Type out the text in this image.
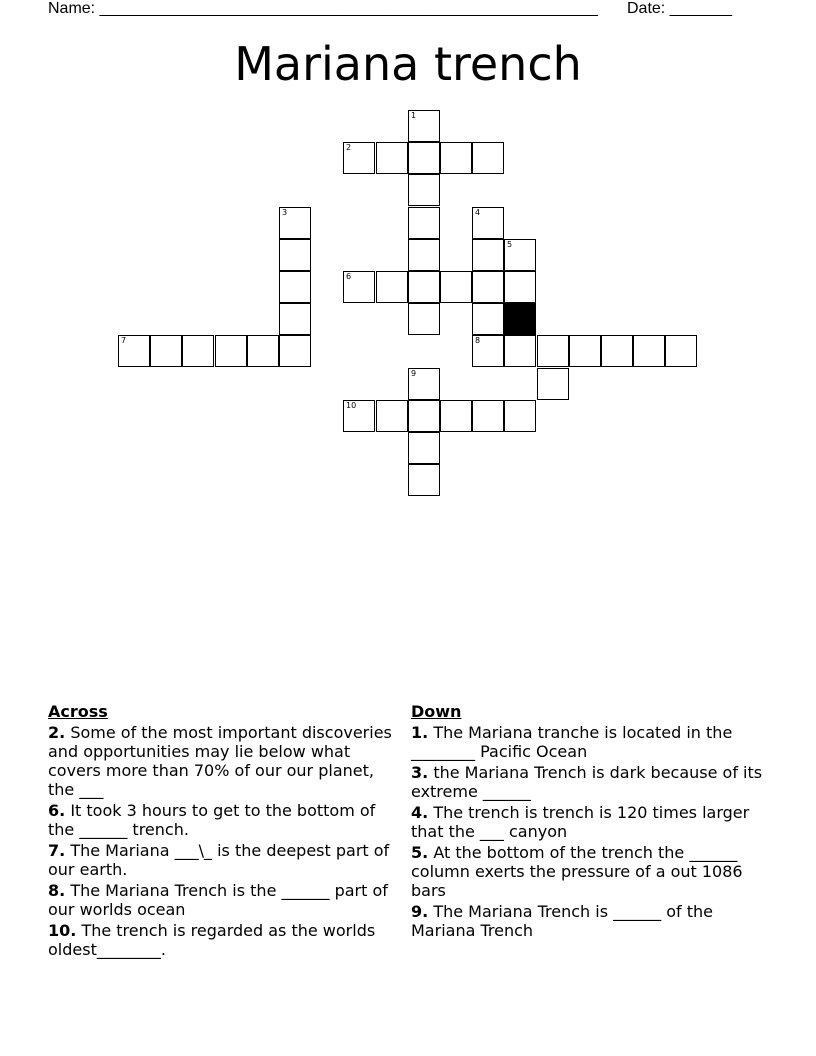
Name: ________________________________________________________ Date: _______
Mariana trench
1
2
3	4
5
6
7	8
9
10
Across
2. Some of the most important discoveries and opportunities may lie below what covers more than 70% of our our planet, the ___
6. It took 3 hours to get to the bottom of the ______ trench.
7. The Mariana ___\_ is the deepest part of our earth.
8. The Mariana Trench is the ______ part of our worlds ocean
10. The trench is regarded as the worlds oldest________.
Down
1. The Mariana tranche is located in the ________ Pacific Ocean
3. the Mariana Trench is dark because of its extreme ______
4. The trench is trench is 120 times larger that the ___ canyon
5. At the bottom of the trench the ______ column exerts the pressure of a out 1086 bars
9. The Mariana Trench is ______ of the Mariana Trench
